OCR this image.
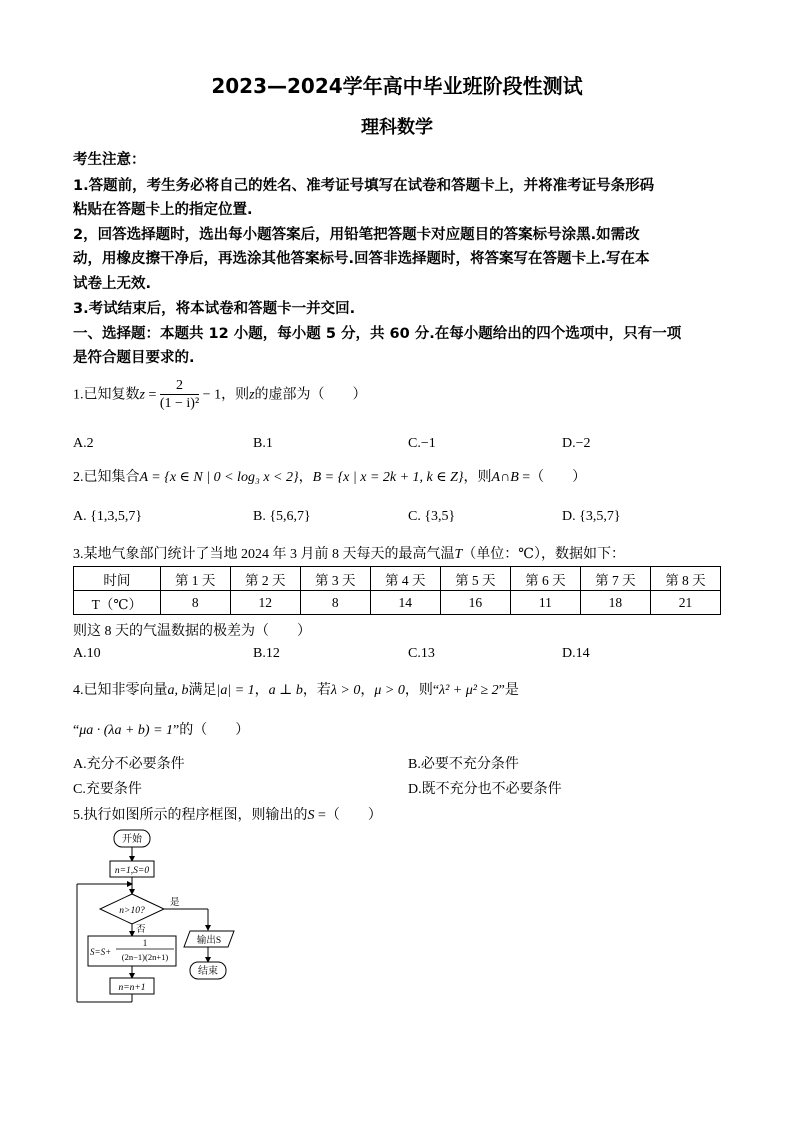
2023—2024学年高中毕业班阶段性测试
理科数学
考生注意：
1.答题前，考生务必将自己的姓名、准考证号填写在试卷和答题卡上，并将准考证号条形码
粘贴在答题卡上的指定位置.
2，回答选择题时，选出每小题答案后，用铅笔把答题卡对应题目的答案标号涂黑.如需改
动，用橡皮擦干净后，再选涂其他答案标号.回答非选择题时，将答案写在答题卡上.写在本
试卷上无效.
3.考试结束后，将本试卷和答题卡一并交回.
一、选择题：本题共 12 小题，每小题 5 分，共 60 分.在每小题给出的四个选项中，只有一项
是符合题目要求的.
1.已知复数$z = \frac{2}{\text{(1 − i)²}} - 1$，则z的虚部为（　　）
A.2	B.1	C.−1	D.−2
2.已知集合A = {x ∈ N | 0 < log₃ x < 2}，B = {x | x = 2k + 1, k ∈ Z}，则A∩B =（　　）
A. {1,3,5,7}	B. {5,6,7}	C. {3,5}	D. {3,5,7}
3.某地气象部门统计了当地 2024 年 3 月前 8 天每天的最高气温T（单位：℃），数据如下：
时间	第 1 天	第 2 天	第 3 天	第 4 天	第 5 天	第 6 天	第 7 天	第 8 天
T（℃）	8	12	8	14	16	11	18	21
则这 8 天的气温数据的极差为（　　）
A.10	B.12	C.13	D.14
4.已知非零向量a, b满足|a| = 1，a ⊥ b，若λ > 0，μ > 0，则“λ² + μ² ≥ 2”是
“μa · (λa + b) = 1”的（　　）
A.充分不必要条件	B.必要不充分条件
C.充要条件	D.既不充分也不必要条件
5.执行如图所示的程序框图，则输出的S =（　　）
开始
n=1,S=0
n>10?
是
输出S
结束
否
S=S+
1
(2n−1)(2n+1)
n=n+1
